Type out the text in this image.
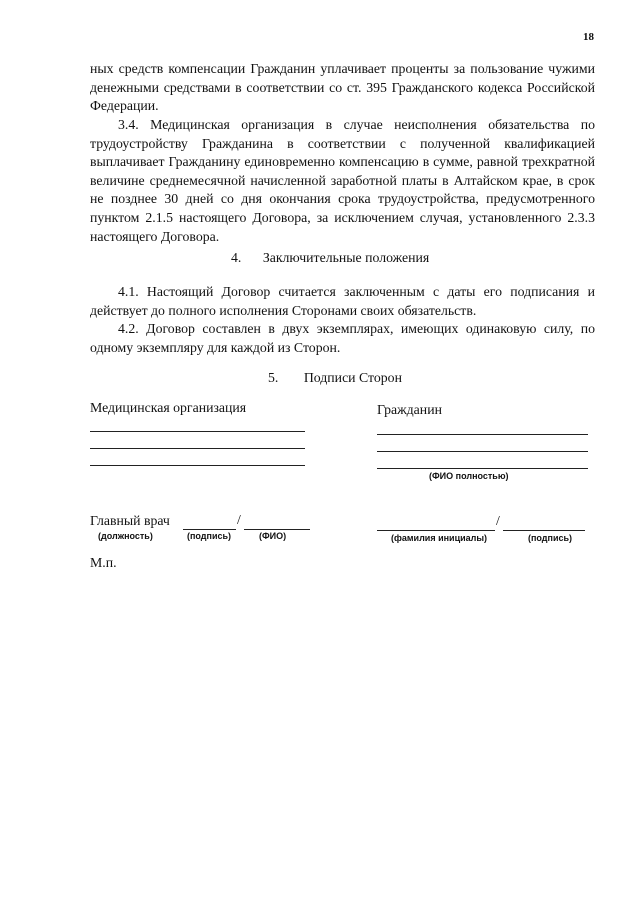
18

ных средств компенсации Гражданин уплачивает проценты за пользование чужими денежными средствами в соответствии со ст. 395 Гражданского кодекса Российской Федерации.

3.4. Медицинская организация в случае неисполнения обязательства по трудоустройству Гражданина в соответствии с полученной квалификацией выплачивает Гражданину единовременно компенсацию в сумме, равной трехкратной величине среднемесячной начисленной заработной платы в Алтайском крае, в срок не позднее 30 дней со дня окончания срока трудоустройства, предусмотренного пунктом 2.1.5 настоящего Договора, за исключением случая, установленного 2.3.3 настоящего Договора.

4. Заключительные положения

4.1. Настоящий Договор считается заключенным с даты его подписания и действует до полного исполнения Сторонами своих обязательств.

4.2. Договор составлен в двух экземплярах, имеющих одинаковую силу, по одному экземпляру для каждой из Сторон.

5. Подписи Сторон
Медицинская организация	Гражданин
(ФИО полностью)
Главный врач	/
(должность)	(подпись)	(ФИО)
/
(фамилия инициалы)	(подпись)
М.п.
